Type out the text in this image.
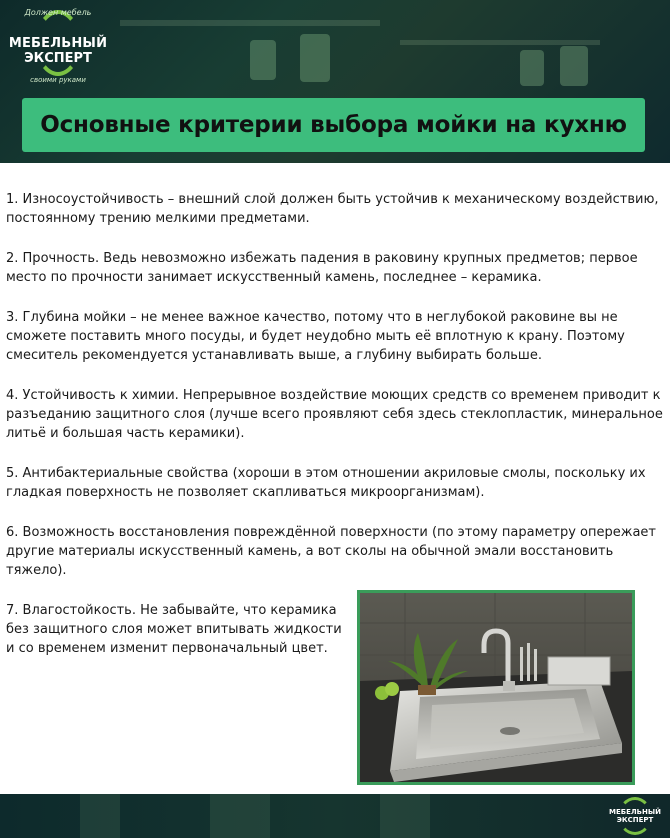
Должен мебель
МЕБЕЛЬНЫЙ
ЭКСПЕРТ
своими руками
Основные критерии выбора мойки на кухню

1. Износоустойчивость – внешний слой должен быть устойчив к механическому воздействию, постоянному трению мелкими предметами.

2. Прочность. Ведь невозможно избежать падения в раковину крупных предметов; первое место по прочности занимает искусственный камень, последнее – керамика.

3. Глубина мойки – не менее важное качество, потому что в неглубокой раковине вы не сможете поставить много посуды, и будет неудобно мыть её вплотную к крану. Поэтому смеситель рекомендуется устанавливать выше, а глубину выбирать больше.

4. Устойчивость к химии. Непрерывное воздействие моющих средств со временем приводит к разъеданию защитного слоя (лучше всего проявляют себя здесь стеклопластик, минеральное литьё и большая часть керамики).

5. Антибактериальные свойства (хороши в этом отношении акриловые смолы, поскольку их гладкая поверхность не позволяет скапливаться микроорганизмам).

6. Возможность восстановления повреждённой поверхности (по этому параметру опережает другие материалы искусственный камень, а вот сколы на обычной эмали восстановить тяжело).

7. Влагостойкость. Не забывайте, что керамика без защитного слоя может впитывать жидкости и со временем изменит первоначальный цвет.

МЕБЕЛЬНЫЙ
ЭКСПЕРТ
